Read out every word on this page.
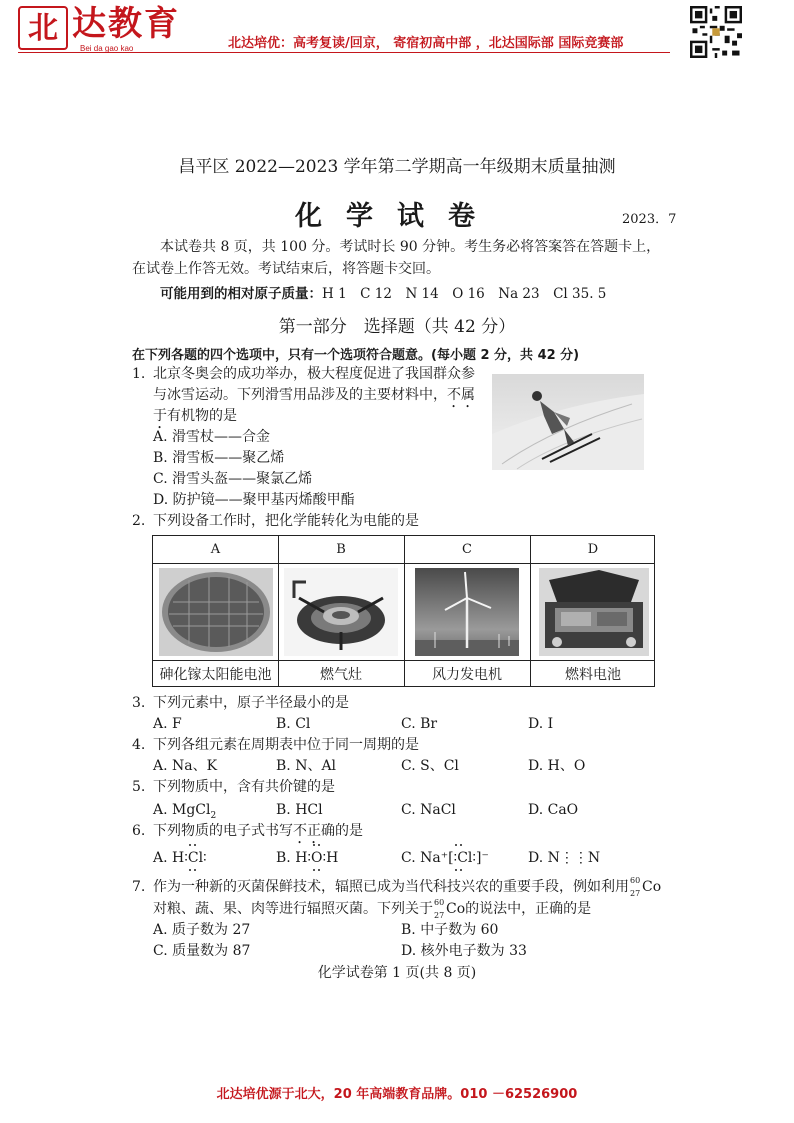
北 达教育
Bei da gao kao	北达培优：高考复读/回京， 寄宿初高中部 ，北达国际部 国际竞赛部
昌平区 2022—2023 学年第二学期高一年级期末质量抽测
化学试卷	2023．7
本试卷共 8 页，共 100 分。考试时长 90 分钟。考生务必将答案答在答题卡上，在试卷上作答无效。考试结束后，将答题卡交回。
可能用到的相对原子质量：H 1　C 12　N 14　O 16　Na 23　Cl 35. 5
第一部分　选择题（共 42 分）
在下列各题的四个选项中，只有一个选项符合题意。(每小题 2 分，共 42 分)
1. 北京冬奥会的成功举办，极大程度促进了我国群众参
与冰雪运动。下列滑雪用品涉及的主要材料中，不属
于有机物的是
A. 滑雪杖——合金
B. 滑雪板——聚乙烯
C. 滑雪头盔——聚氯乙烯
D. 防护镜——聚甲基丙烯酸甲酯
2. 下列设备工作时，把化学能转化为电能的是
A	B	C	D
砷化镓太阳能电池	燃气灶	风力发电机	燃料电池
3. 下列元素中，原子半径最小的是
A. F	B. Cl	C. Br	D. I
4. 下列各组元素在周期表中位于同一周期的是
A. Na、K	B. N、Al	C. S、Cl	D. H、O
5. 下列物质中，含有共价键的是
A. MgCl$_2$	B. HCl	C. NaCl	D. CaO
6. 下列物质的电子式书写不正确的是
A. H∶Cl∶	B. H∶O∶H	C. Na⁺[∶Cl∶]⁻	D. N⋮⋮N
7. 作为一种新的灭菌保鲜技术，辐照已成为当代科技兴农的重要手段，例如利用 60
27 Co
对粮、蔬、果、肉等进行辐照灭菌。下列关于 60
27 Co的说法中，正确的是
A. 质子数为 27	B. 中子数为 60
C. 质量数为 87	D. 核外电子数为 33
化学试卷第 1 页(共 8 页)
北达培优源于北大，20 年高端教育品牌。010 －62526900
